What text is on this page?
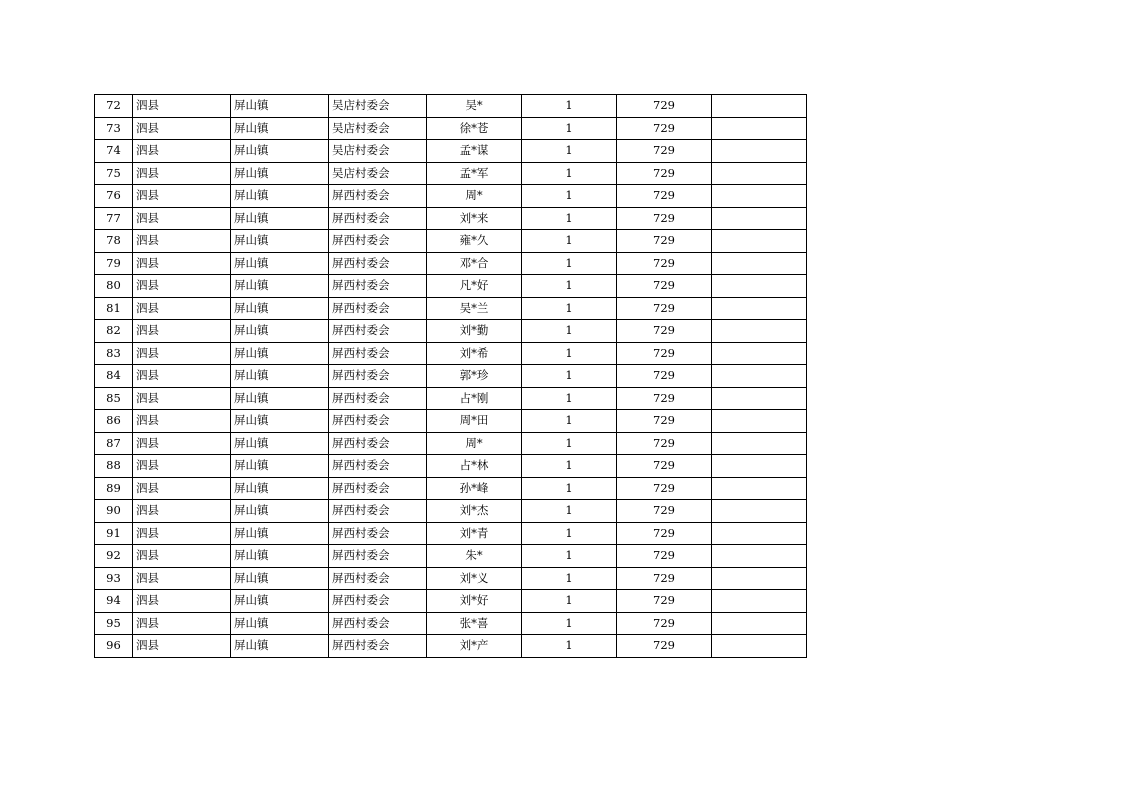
72	泗县	屏山镇	吴店村委会	吴*	1	729	
73	泗县	屏山镇	吴店村委会	徐*苍	1	729	
74	泗县	屏山镇	吴店村委会	孟*谋	1	729	
75	泗县	屏山镇	吴店村委会	孟*军	1	729	
76	泗县	屏山镇	屏西村委会	周*	1	729	
77	泗县	屏山镇	屏西村委会	刘*来	1	729	
78	泗县	屏山镇	屏西村委会	雍*久	1	729	
79	泗县	屏山镇	屏西村委会	邓*合	1	729	
80	泗县	屏山镇	屏西村委会	凡*好	1	729	
81	泗县	屏山镇	屏西村委会	吴*兰	1	729	
82	泗县	屏山镇	屏西村委会	刘*勤	1	729	
83	泗县	屏山镇	屏西村委会	刘*希	1	729	
84	泗县	屏山镇	屏西村委会	郭*珍	1	729	
85	泗县	屏山镇	屏西村委会	占*刚	1	729	
86	泗县	屏山镇	屏西村委会	周*田	1	729	
87	泗县	屏山镇	屏西村委会	周*	1	729	
88	泗县	屏山镇	屏西村委会	占*林	1	729	
89	泗县	屏山镇	屏西村委会	孙*峰	1	729	
90	泗县	屏山镇	屏西村委会	刘*杰	1	729	
91	泗县	屏山镇	屏西村委会	刘*青	1	729	
92	泗县	屏山镇	屏西村委会	朱*	1	729	
93	泗县	屏山镇	屏西村委会	刘*义	1	729	
94	泗县	屏山镇	屏西村委会	刘*好	1	729	
95	泗县	屏山镇	屏西村委会	张*喜	1	729	
96	泗县	屏山镇	屏西村委会	刘*产	1	729	
